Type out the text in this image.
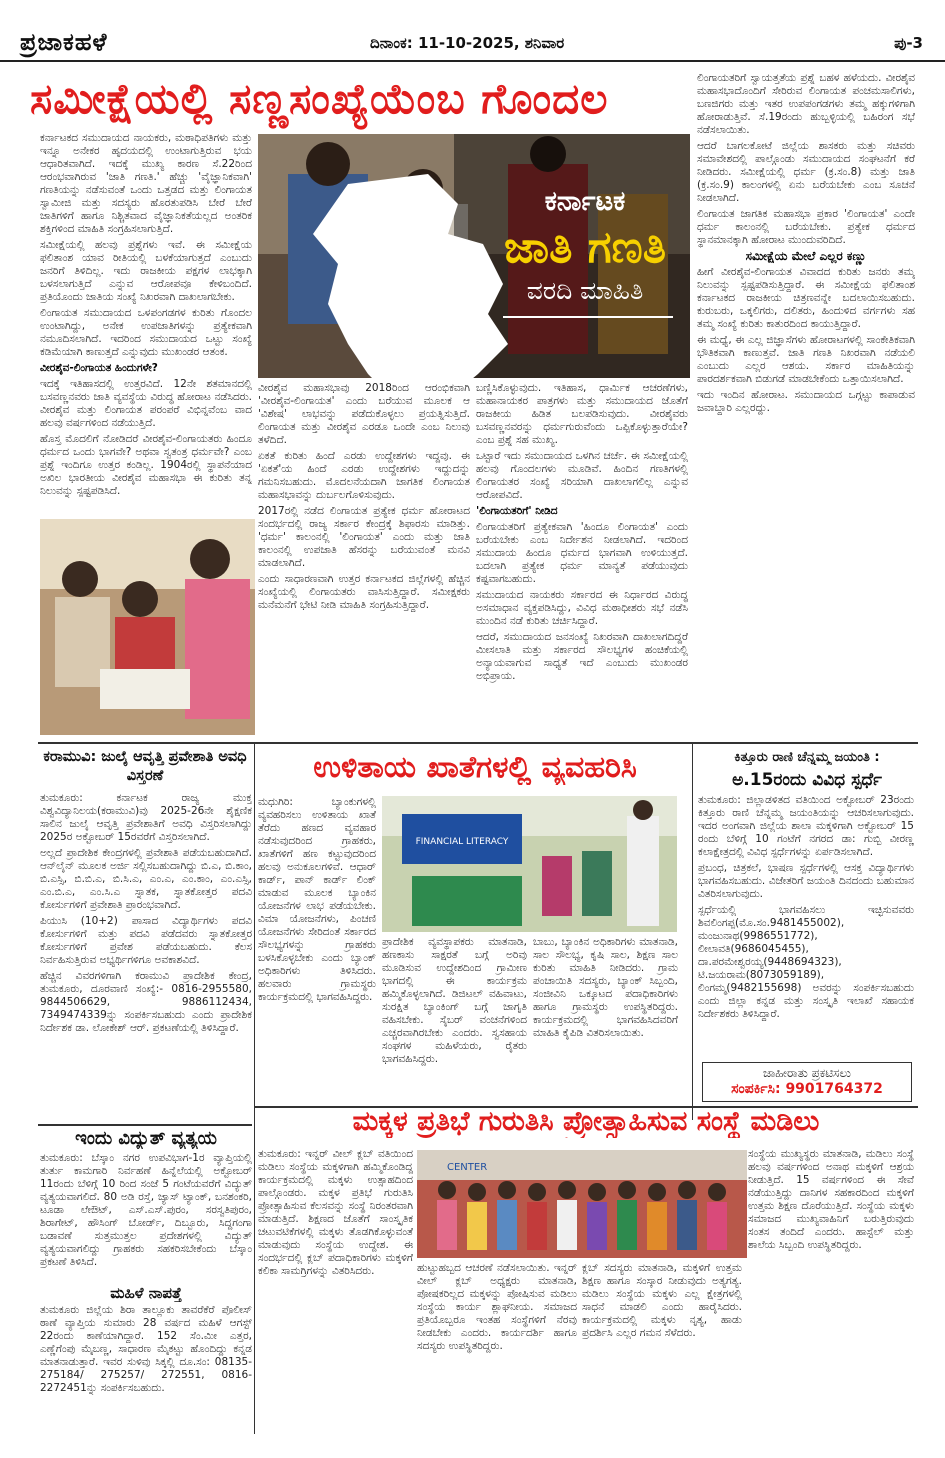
ಪ್ರಜಾಕಹಳೆ	ದಿನಾಂಕ: 11-10-2025, ಶನಿವಾರ	ಪು-3
ಸಮೀಕ್ಷೆಯಲ್ಲಿ ಸಣ್ಣಸಂಖ್ಯೆಯೆಂಬ ಗೊಂದಲ

ಕರ್ನಾಟಕದ ಸಮುದಾಯದ ನಾಯಕರು, ಮಠಾಧಿಪತಿಗಳು ಮತ್ತು ಇನ್ನೂ ಅನೇಕರ ಹೃದಯದಲ್ಲಿ ಉಂಟಾಗುತ್ತಿರುವ ಭಯ ಆಧಾರಿತವಾಗಿದೆ. ಇದಕ್ಕೆ ಮುಖ್ಯ ಕಾರಣ ಸೆ.22ರಿಂದ ಆರಂಭವಾಗಿರುವ 'ಜಾತಿ ಗಣತಿ.' ಹೆಚ್ಚು 'ವೈಜ್ಞಾನಿಕವಾಗಿ' ಗಣತಿಯನ್ನು ನಡೆಸುವಂತೆ ಒಂದು ಒತ್ತಡದ ಮತ್ತು ಲಿಂಗಾಯತ ಸ್ವಾಮೀಜಿ ಮತ್ತು ಸದಸ್ಯರು ಹೊರತುಪಡಿಸಿ ಬೇರೆ ಬೇರೆ ಜಾತಿಗಳಿಗೆ ಹಾಗೂ ನಿಶ್ಚಿತವಾದ ವೈಜ್ಞಾನಿಕತೆಯಲ್ಲದ ಅಂತರಿಕ ಶಕ್ತಿಗಳಿಂದ ಮಾಹಿತಿ ಸಂಗ್ರಹಿಸಲಾಗುತ್ತಿದೆ.

ಸಮೀಕ್ಷೆಯಲ್ಲಿ ಹಲವು ಪ್ರಶ್ನೆಗಳು ಇವೆ. ಈ ಸಮೀಕ್ಷೆಯ ಫಲಿತಾಂಶ ಯಾವ ರೀತಿಯಲ್ಲಿ ಬಳಕೆಯಾಗುತ್ತದೆ ಎಂಬುದು ಜನರಿಗೆ ತಿಳಿದಿಲ್ಲ. ಇದು ರಾಜಕೀಯ ಪಕ್ಷಗಳ ಲಾಭಕ್ಕಾಗಿ ಬಳಸಲಾಗುತ್ತಿದೆ ಎನ್ನುವ ಆರೋಪವೂ ಕೇಳಿಬಂದಿದೆ. ಪ್ರತಿಯೊಂದು ಜಾತಿಯ ಸಂಖ್ಯೆ ನಿಖರವಾಗಿ ದಾಖಲಾಗಬೇಕು.

ಲಿಂಗಾಯತ ಸಮುದಾಯದ ಒಳಪಂಗಡಗಳ ಕುರಿತು ಗೊಂದಲ ಉಂಟಾಗಿದ್ದು, ಅನೇಕ ಉಪಜಾತಿಗಳನ್ನು ಪ್ರತ್ಯೇಕವಾಗಿ ನಮೂದಿಸಲಾಗಿದೆ. ಇದರಿಂದ ಸಮುದಾಯದ ಒಟ್ಟು ಸಂಖ್ಯೆ ಕಡಿಮೆಯಾಗಿ ಕಾಣುತ್ತದೆ ಎನ್ನುವುದು ಮುಖಂಡರ ಆತಂಕ.

ವೀರಶೈವ-ಲಿಂಗಾಯತ ಹಿಂದುಗಳೇ?

ಇದಕ್ಕೆ ಇತಿಹಾಸದಲ್ಲಿ ಉತ್ತರವಿದೆ. 12ನೇ ಶತಮಾನದಲ್ಲಿ ಬಸವಣ್ಣನವರು ಜಾತಿ ವ್ಯವಸ್ಥೆಯ ವಿರುದ್ಧ ಹೋರಾಟ ನಡೆಸಿದರು. ವೀರಶೈವ ಮತ್ತು ಲಿಂಗಾಯತ ಪರಂಪರೆ ವಿಭಿನ್ನವೆಂಬ ವಾದ ಹಲವು ವರ್ಷಗಳಿಂದ ನಡೆಯುತ್ತಿದೆ.

ಹೊಸ್ತ ಮೊದಲಿಗೆ ನೋಡಿದರೆ ವೀರಶೈವ-ಲಿಂಗಾಯತರು ಹಿಂದೂ ಧರ್ಮದ ಒಂದು ಭಾಗವೇ? ಅಥವಾ ಸ್ವತಂತ್ರ ಧರ್ಮವೇ? ಎಂಬ ಪ್ರಶ್ನೆ ಇಂದಿಗೂ ಉತ್ತರ ಕಂಡಿಲ್ಲ. 1904ರಲ್ಲಿ ಸ್ಥಾಪನೆಯಾದ ಅಖಿಲ ಭಾರತೀಯ ವೀರಶೈವ ಮಹಾಸಭಾ ಈ ಕುರಿತು ತನ್ನ ನಿಲುವನ್ನು ಸ್ಪಷ್ಟಪಡಿಸಿದೆ.

ಕರ್ನಾಟಕ
ಜಾತಿ ಗಣತಿ
ವರದಿ ಮಾಹಿತಿ

ವೀರಶೈವ ಮಹಾಸಭಾವು 2018ರಿಂದ ಆರಂಭಿಕವಾಗಿ 'ವೀರಶೈವ-ಲಿಂಗಾಯತ' ಎಂದು ಬರೆಯುವ ಮೂಲಕ ಆ 'ವಿಶೇಷ' ಲಾಭವನ್ನು ಪಡೆದುಕೊಳ್ಳಲು ಪ್ರಯತ್ನಿಸುತ್ತಿದೆ. ಲಿಂಗಾಯತ ಮತ್ತು ವೀರಶೈವ ಎರಡೂ ಒಂದೇ ಎಂಬ ನಿಲುವು ತಳೆದಿದೆ.

ಏಕತೆ ಕುರಿತು ಹಿಂದೆ ಎರಡು ಉದ್ದೇಶಗಳು ಇದ್ದವು. ಈ 'ಏಕತೆ'ಯ ಹಿಂದೆ ಎರಡು ಉದ್ದೇಶಗಳು ಇದ್ದುದನ್ನು ಗಮನಿಸಬಹುದು. ಮೊದಲನೆಯದಾಗಿ ಜಾಗತಿಕ ಲಿಂಗಾಯತ ಮಹಾಸಭಾವನ್ನು ದುರ್ಬಲಗೊಳಿಸುವುದು.

2017ರಲ್ಲಿ ನಡೆದ ಲಿಂಗಾಯತ ಪ್ರತ್ಯೇಕ ಧರ್ಮ ಹೋರಾಟದ ಸಂದರ್ಭದಲ್ಲಿ ರಾಜ್ಯ ಸರ್ಕಾರ ಕೇಂದ್ರಕ್ಕೆ ಶಿಫಾರಸು ಮಾಡಿತ್ತು. 'ಧರ್ಮ' ಕಾಲಂನಲ್ಲಿ 'ಲಿಂಗಾಯತ' ಎಂದು ಮತ್ತು ಜಾತಿ ಕಾಲಂನಲ್ಲಿ ಉಪಜಾತಿ ಹೆಸರನ್ನು ಬರೆಯುವಂತೆ ಮನವಿ ಮಾಡಲಾಗಿದೆ.

ಎಂದು ಸಾಧಾರಣವಾಗಿ ಉತ್ತರ ಕರ್ನಾಟಕದ ಜಿಲ್ಲೆಗಳಲ್ಲಿ ಹೆಚ್ಚಿನ ಸಂಖ್ಯೆಯಲ್ಲಿ ಲಿಂಗಾಯತರು ವಾಸಿಸುತ್ತಿದ್ದಾರೆ. ಸಮೀಕ್ಷಕರು ಮನೆಮನೆಗೆ ಭೇಟಿ ನೀಡಿ ಮಾಹಿತಿ ಸಂಗ್ರಹಿಸುತ್ತಿದ್ದಾರೆ.

ಬಣ್ಣಿಸಿಕೊಳ್ಳುವುದು. ಇತಿಹಾಸ, ಧಾರ್ಮಿಕ ಆಚರಣೆಗಳು, ಮಹಾನಾಯಕರ ಪಾತ್ರಗಳು ಮತ್ತು ಸಮುದಾಯದ ಜೊತೆಗೆ ರಾಜಕೀಯ ಹಿಡಿತ ಬಲಪಡಿಸುವುದು. ವೀರಶೈವರು ಬಸವಣ್ಣನವರನ್ನು ಧರ್ಮಗುರುವೆಂದು ಒಪ್ಪಿಕೊಳ್ಳುತ್ತಾರೆಯೇ? ಎಂಬ ಪ್ರಶ್ನೆ ಸಹ ಮುಖ್ಯ.

ಒಟ್ಟಾರೆ ಇದು ಸಮುದಾಯದ ಒಳಗಿನ ಚರ್ಚೆ. ಈ ಸಮೀಕ್ಷೆಯಲ್ಲಿ ಹಲವು ಗೊಂದಲಗಳು ಮೂಡಿವೆ. ಹಿಂದಿನ ಗಣತಿಗಳಲ್ಲಿ ಲಿಂಗಾಯತರ ಸಂಖ್ಯೆ ಸರಿಯಾಗಿ ದಾಖಲಾಗಲಿಲ್ಲ ಎನ್ನುವ ಆರೋಪವಿದೆ.

'ಲಿಂಗಾಯತರಿಗೆ' ನೀಡಿದ

ಲಿಂಗಾಯತರಿಗೆ ಪ್ರತ್ಯೇಕವಾಗಿ 'ಹಿಂದೂ ಲಿಂಗಾಯತ' ಎಂದು ಬರೆಯಬೇಕು ಎಂಬ ನಿರ್ದೇಶನ ನೀಡಲಾಗಿದೆ. ಇದರಿಂದ ಸಮುದಾಯ ಹಿಂದೂ ಧರ್ಮದ ಭಾಗವಾಗಿ ಉಳಿಯುತ್ತದೆ. ಬದಲಾಗಿ ಪ್ರತ್ಯೇಕ ಧರ್ಮ ಮಾನ್ಯತೆ ಪಡೆಯುವುದು ಕಷ್ಟವಾಗಬಹುದು.

ಸಮುದಾಯದ ನಾಯಕರು ಸರ್ಕಾರದ ಈ ನಿರ್ಧಾರದ ವಿರುದ್ಧ ಅಸಮಾಧಾನ ವ್ಯಕ್ತಪಡಿಸಿದ್ದು, ವಿವಿಧ ಮಠಾಧೀಶರು ಸಭೆ ನಡೆಸಿ ಮುಂದಿನ ನಡೆ ಕುರಿತು ಚರ್ಚಿಸಿದ್ದಾರೆ.

ಆದರೆ, ಸಮುದಾಯದ ಜನಸಂಖ್ಯೆ ನಿಖರವಾಗಿ ದಾಖಲಾಗದಿದ್ದರೆ ಮೀಸಲಾತಿ ಮತ್ತು ಸರ್ಕಾರದ ಸೌಲಭ್ಯಗಳ ಹಂಚಿಕೆಯಲ್ಲಿ ಅನ್ಯಾಯವಾಗುವ ಸಾಧ್ಯತೆ ಇದೆ ಎಂಬುದು ಮುಖಂಡರ ಅಭಿಪ್ರಾಯ.

ಲಿಂಗಾಯತರಿಗೆ ಸ್ವಾಯತ್ತತೆಯ ಪ್ರಶ್ನೆ ಬಹಳ ಹಳೆಯದು. ವೀರಶೈವ ಮಹಾಸಭಾದೊಂದಿಗೆ ಸೇರಿರುವ ಲಿಂಗಾಯತ ಪಂಚಮಸಾಲಿಗಳು, ಬಣಜಿಗರು ಮತ್ತು ಇತರ ಉಪಪಂಗಡಗಳು ತಮ್ಮ ಹಕ್ಕುಗಳಿಗಾಗಿ ಹೋರಾಡುತ್ತಿವೆ. ಸೆ.19ರಂದು ಹುಬ್ಬಳ್ಳಿಯಲ್ಲಿ ಬಹಿರಂಗ ಸಭೆ ನಡೆಸಲಾಯಿತು.

ಆದರೆ ಬಾಗಲಕೋಟೆ ಜಿಲ್ಲೆಯ ಶಾಸಕರು ಮತ್ತು ಸಚಿವರು ಸಮಾವೇಶದಲ್ಲಿ ಪಾಲ್ಗೊಂಡು ಸಮುದಾಯದ ಸಂಘಟನೆಗೆ ಕರೆ ನೀಡಿದರು. ಸಮೀಕ್ಷೆಯಲ್ಲಿ ಧರ್ಮ (ಕ್ರ.ಸಂ.8) ಮತ್ತು ಜಾತಿ (ಕ್ರ.ಸಂ.9) ಕಾಲಂಗಳಲ್ಲಿ ಏನು ಬರೆಯಬೇಕು ಎಂಬ ಸೂಚನೆ ನೀಡಲಾಗಿದೆ.

ಲಿಂಗಾಯತ ಜಾಗತಿಕ ಮಹಾಸಭಾ ಪ್ರಕಾರ 'ಲಿಂಗಾಯತ' ಎಂದೇ ಧರ್ಮ ಕಾಲಂನಲ್ಲಿ ಬರೆಯಬೇಕು. ಪ್ರತ್ಯೇಕ ಧರ್ಮದ ಸ್ಥಾನಮಾನಕ್ಕಾಗಿ ಹೋರಾಟ ಮುಂದುವರಿದಿದೆ.

ಸಮೀಕ್ಷೆಯ ಮೇಲೆ ಎಲ್ಲರ ಕಣ್ಣು

ಹೀಗೆ ವೀರಶೈವ-ಲಿಂಗಾಯತ ವಿವಾದದ ಕುರಿತು ಜನರು ತಮ್ಮ ನಿಲುವನ್ನು ಸ್ಪಷ್ಟಪಡಿಸುತ್ತಿದ್ದಾರೆ. ಈ ಸಮೀಕ್ಷೆಯ ಫಲಿತಾಂಶ ಕರ್ನಾಟಕದ ರಾಜಕೀಯ ಚಿತ್ರಣವನ್ನೇ ಬದಲಾಯಿಸಬಹುದು. ಕುರುಬರು, ಒಕ್ಕಲಿಗರು, ದಲಿತರು, ಹಿಂದುಳಿದ ವರ್ಗಗಳು ಸಹ ತಮ್ಮ ಸಂಖ್ಯೆ ಕುರಿತು ಕಾತುರದಿಂದ ಕಾಯುತ್ತಿದ್ದಾರೆ.

ಈ ಮಧ್ಯೆ, ಈ ಎಲ್ಲ ಜಿಜ್ಞಾಸೆಗಳು ಹೋರಾಟಗಳಲ್ಲಿ ಸಾಂಕೇತಿಕವಾಗಿ ಭೌತಿಕವಾಗಿ ಕಾಣುತ್ತವೆ. ಜಾತಿ ಗಣತಿ ನಿಖರವಾಗಿ ನಡೆಯಲಿ ಎಂಬುದು ಎಲ್ಲರ ಆಶಯ. ಸರ್ಕಾರ ಮಾಹಿತಿಯನ್ನು ಪಾರದರ್ಶಕವಾಗಿ ಬಿಡುಗಡೆ ಮಾಡಬೇಕೆಂದು ಒತ್ತಾಯಿಸಲಾಗಿದೆ.

ಇದು ಇಂದಿನ ಹೋರಾಟ. ಸಮುದಾಯದ ಒಗ್ಗಟ್ಟು ಕಾಪಾಡುವ ಜವಾಬ್ದಾರಿ ಎಲ್ಲರದ್ದು.

ಕರಾಮುವಿ: ಜುಲೈ ಆವೃತ್ತಿ ಪ್ರವೇಶಾತಿ ಅವಧಿ ವಿಸ್ತರಣೆ

ತುಮಕೂರು: ಕರ್ನಾಟಕ ರಾಜ್ಯ ಮುಕ್ತ ವಿಶ್ವವಿದ್ಯಾನಿಲಯ(ಕರಾಮುವಿ)ವು 2025-26ನೇ ಶೈಕ್ಷಣಿಕ ಸಾಲಿನ ಜುಲೈ ಆವೃತ್ತಿ ಪ್ರವೇಶಾತಿಗೆ ಅವಧಿ ವಿಸ್ತರಿಸಲಾಗಿದ್ದು 2025ರ ಅಕ್ಟೋಬರ್ 15ರವರೆಗೆ ವಿಸ್ತರಿಸಲಾಗಿದೆ.

ಅಲ್ಲದೆ ಪ್ರಾದೇಶಿಕ ಕೇಂದ್ರಗಳಲ್ಲಿ ಪ್ರವೇಶಾತಿ ಪಡೆಯಬಹುದಾಗಿದೆ. ಆನ್‌ಲೈನ್ ಮೂಲಕ ಅರ್ಜಿ ಸಲ್ಲಿಸಬಹುದಾಗಿದ್ದು ಬಿ.ಎ, ಬಿ.ಕಾಂ, ಬಿ.ಎಸ್ಸಿ, ಬಿ.ಬಿ.ಎ, ಬಿ.ಸಿ.ಎ, ಎಂ.ಎ, ಎಂ.ಕಾಂ, ಎಂ.ಎಸ್ಸಿ, ಎಂ.ಬಿ.ಎ, ಎಂ.ಸಿ.ಎ ಸ್ನಾತಕ, ಸ್ನಾತಕೋತ್ತರ ಪದವಿ ಕೋರ್ಸುಗಳಿಗೆ ಪ್ರವೇಶಾತಿ ಪ್ರಾರಂಭವಾಗಿದೆ.

ಪಿಯುಸಿ (10+2) ಪಾಸಾದ ವಿದ್ಯಾರ್ಥಿಗಳು ಪದವಿ ಕೋರ್ಸುಗಳಿಗೆ ಮತ್ತು ಪದವಿ ಪಡೆದವರು ಸ್ನಾತಕೋತ್ತರ ಕೋರ್ಸುಗಳಿಗೆ ಪ್ರವೇಶ ಪಡೆಯಬಹುದು. ಕೆಲಸ ನಿರ್ವಹಿಸುತ್ತಿರುವ ಅಭ್ಯರ್ಥಿಗಳಿಗೂ ಅವಕಾಶವಿದೆ.

ಹೆಚ್ಚಿನ ವಿವರಗಳಿಗಾಗಿ ಕರಾಮುವಿ ಪ್ರಾದೇಶಿಕ ಕೇಂದ್ರ, ತುಮಕೂರು, ದೂರವಾಣಿ ಸಂಖ್ಯೆ:- 0816-2955580, 9844506629, 9886112434, 7349474339ನ್ನು ಸಂಪರ್ಕಿಸಬಹುದು ಎಂದು ಪ್ರಾದೇಶಿಕ ನಿರ್ದೇಶಕ ಡಾ. ಲೋಕೇಶ್ ಆರ್. ಪ್ರಕಟಣೆಯಲ್ಲಿ ತಿಳಿಸಿದ್ದಾರೆ.

ಇಂದು ವಿದ್ಯುತ್ ವ್ಯತ್ಯಯ

ತುಮಕೂರು: ಬೆಸ್ಕಾಂ ನಗರ ಉಪವಿಭಾಗ-1ರ ವ್ಯಾಪ್ತಿಯಲ್ಲಿ ತುರ್ತು ಕಾಮಗಾರಿ ನಿರ್ವಹಣೆ ಹಿನ್ನೆಲೆಯಲ್ಲಿ ಅಕ್ಟೋಬರ್ 11ರಂದು ಬೆಳಿಗ್ಗೆ 10 ರಿಂದ ಸಂಜೆ 5 ಗಂಟೆಯವರೆಗೆ ವಿದ್ಯುತ್ ವ್ಯತ್ಯಯವಾಗಲಿದೆ. 80 ಅಡಿ ರಸ್ತೆ, ಜ್ಯಾಸ್ ಟ್ಯಾಂಕ್, ಬನಶಂಕರಿ, ಟೂಡಾ ಲೇಔಟ್, ಎಸ್.ಎಸ್.ಪುರಂ, ಸರಸ್ವತಿಪುರಂ, ಶಿರಾಗೇಟ್, ಹೌಸಿಂಗ್ ಬೋರ್ಡ್, ದಿಬ್ಬೂರು, ಸಿದ್ದಗಂಗಾ ಬಡಾವಣೆ ಸುತ್ತಮುತ್ತಲ ಪ್ರದೇಶಗಳಲ್ಲಿ ವಿದ್ಯುತ್ ವ್ಯತ್ಯಯವಾಗಲಿದ್ದು ಗ್ರಾಹಕರು ಸಹಕರಿಸಬೇಕೆಂದು ಬೆಸ್ಕಾಂ ಪ್ರಕಟಣೆ ತಿಳಿಸಿದೆ.

ಮಹಿಳೆ ನಾಪತ್ತೆ

ತುಮಕೂರು ಜಿಲ್ಲೆಯ ಶಿರಾ ತಾಲ್ಲೂಕು ತಾವರೆಕೆರೆ ಪೊಲೀಸ್ ಠಾಣೆ ವ್ಯಾಪ್ತಿಯ ಸುಮಾರು 28 ವರ್ಷದ ಮಹಿಳೆ ಆಗಸ್ಟ್ 22ರಂದು ಕಾಣೆಯಾಗಿದ್ದಾರೆ. 152 ಸೆಂ.ಮೀ ಎತ್ತರ, ಎಣ್ಣೆಗೆಂಪು ಮೈಬಣ್ಣ, ಸಾಧಾರಣ ಮೈಕಟ್ಟು ಹೊಂದಿದ್ದು ಕನ್ನಡ ಮಾತನಾಡುತ್ತಾರೆ. ಇವರ ಸುಳಿವು ಸಿಕ್ಕಲ್ಲಿ ದೂ.ಸಂ: 08135-275184/ 275257/ 272551, 0816-2272451ನ್ನು ಸಂಪರ್ಕಿಸಬಹುದು.

ಉಳಿತಾಯ ಖಾತೆಗಳಲ್ಲಿ ವ್ಯವಹರಿಸಿ

ಮಧುಗಿರಿ: ಬ್ಯಾಂಕುಗಳಲ್ಲಿ ವ್ಯವಹರಿಸಲು ಉಳಿತಾಯ ಖಾತೆ ತೆರೆದು ಹಣದ ವ್ಯವಹಾರ ನಡೆಸುವುದರಿಂದ ಗ್ರಾಹಕರು, ಖಾತೆಗಳಿಗೆ ಹಣ ಕಟ್ಟುವುದರಿಂದ ಹಲವು ಅನುಕೂಲಗಳಿವೆ. ಆಧಾರ್ ಕಾರ್ಡ್, ಪಾನ್ ಕಾರ್ಡ್ ಲಿಂಕ್ ಮಾಡುವ ಮೂಲಕ ಬ್ಯಾಂಕಿನ ಯೋಜನೆಗಳ ಲಾಭ ಪಡೆಯಬೇಕು. ವಿಮಾ ಯೋಜನೆಗಳು, ಪಿಂಚಣಿ ಯೋಜನೆಗಳು ಸೇರಿದಂತೆ ಸರ್ಕಾರದ ಸೌಲಭ್ಯಗಳನ್ನು ಗ್ರಾಹಕರು ಬಳಸಿಕೊಳ್ಳಬೇಕು ಎಂದು ಬ್ಯಾಂಕ್ ಅಧಿಕಾರಿಗಳು ತಿಳಿಸಿದರು. ಹಲವಾರು ಗ್ರಾಮಸ್ಥರು ಕಾರ್ಯಕ್ರಮದಲ್ಲಿ ಭಾಗವಹಿಸಿದ್ದರು.

FINANCIAL LITERACY

ಪ್ರಾದೇಶಿಕ ವ್ಯವಸ್ಥಾಪಕರು ಮಾತನಾಡಿ, ಹಣಕಾಸು ಸಾಕ್ಷರತೆ ಬಗ್ಗೆ ಅರಿವು ಮೂಡಿಸುವ ಉದ್ದೇಶದಿಂದ ಗ್ರಾಮೀಣ ಭಾಗದಲ್ಲಿ ಈ ಕಾರ್ಯಕ್ರಮ ಹಮ್ಮಿಕೊಳ್ಳಲಾಗಿದೆ. ಡಿಜಿಟಲ್ ವಹಿವಾಟು, ಸುರಕ್ಷಿತ ಬ್ಯಾಂಕಿಂಗ್ ಬಗ್ಗೆ ಜಾಗೃತಿ ವಹಿಸಬೇಕು. ಸೈಬರ್ ವಂಚನೆಗಳಿಂದ ಎಚ್ಚರವಾಗಿರಬೇಕು ಎಂದರು. ಸ್ವಸಹಾಯ ಸಂಘಗಳ ಮಹಿಳೆಯರು, ರೈತರು ಭಾಗವಹಿಸಿದ್ದರು.

ಬಾಬು, ಬ್ಯಾಂಕಿನ ಅಧಿಕಾರಿಗಳು ಮಾತನಾಡಿ, ಸಾಲ ಸೌಲಭ್ಯ, ಕೃಷಿ ಸಾಲ, ಶಿಕ್ಷಣ ಸಾಲ ಕುರಿತು ಮಾಹಿತಿ ನೀಡಿದರು. ಗ್ರಾಮ ಪಂಚಾಯಿತಿ ಸದಸ್ಯರು, ಬ್ಯಾಂಕ್ ಸಿಬ್ಬಂದಿ, ಸಂಜೀವಿನಿ ಒಕ್ಕೂಟದ ಪದಾಧಿಕಾರಿಗಳು ಹಾಗೂ ಗ್ರಾಮಸ್ಥರು ಉಪಸ್ಥಿತರಿದ್ದರು. ಕಾರ್ಯಕ್ರಮದಲ್ಲಿ ಭಾಗವಹಿಸಿದವರಿಗೆ ಮಾಹಿತಿ ಕೈಪಿಡಿ ವಿತರಿಸಲಾಯಿತು.

ಕಿತ್ತೂರು ರಾಣಿ ಚೆನ್ನಮ್ಮ ಜಯಂತಿ :
ಅ.15ರಂದು ವಿವಿಧ ಸ್ಪರ್ಧೆ

ತುಮಕೂರು: ಜಿಲ್ಲಾಡಳಿತದ ವತಿಯಿಂದ ಅಕ್ಟೋಬರ್ 23ರಂದು ಕಿತ್ತೂರು ರಾಣಿ ಚೆನ್ನಮ್ಮ ಜಯಂತಿಯನ್ನು ಆಚರಿಸಲಾಗುವುದು. ಇದರ ಅಂಗವಾಗಿ ಜಿಲ್ಲೆಯ ಶಾಲಾ ಮಕ್ಕಳಿಗಾಗಿ ಅಕ್ಟೋಬರ್ 15 ರಂದು ಬೆಳಿಗ್ಗೆ 10 ಗಂಟೆಗೆ ನಗರದ ಡಾ: ಗುಬ್ಬಿ ವೀರಣ್ಣ ಕಲಾಕ್ಷೇತ್ರದಲ್ಲಿ ವಿವಿಧ ಸ್ಪರ್ಧೆಗಳನ್ನು ಏರ್ಪಡಿಸಲಾಗಿದೆ.

ಪ್ರಬಂಧ, ಚಿತ್ರಕಲೆ, ಭಾಷಣ ಸ್ಪರ್ಧೆಗಳಲ್ಲಿ ಆಸಕ್ತ ವಿದ್ಯಾರ್ಥಿಗಳು ಭಾಗವಹಿಸಬಹುದು. ವಿಜೇತರಿಗೆ ಜಯಂತಿ ದಿನದಂದು ಬಹುಮಾನ ವಿತರಿಸಲಾಗುವುದು.

ಸ್ಪರ್ಧೆಯಲ್ಲಿ ಭಾಗವಹಿಸಲು ಇಚ್ಛಿಸುವವರು ಶಿವಲಿಂಗಪ್ಪ(ಮೊ.ಸಂ.9481455002), ಮಂಜುನಾಥ(9986551772), ಲೀಲಾವತಿ(9686045455), ದಾ.ಪರಮೇಶ್ವರಯ್ಯ(9448694323), ಟಿ.ಜಯರಾಮ(8073059189), ಲಿಂಗಮ್ಮ(9482155698) ಅವರನ್ನು ಸಂಪರ್ಕಿಸಬಹುದು ಎಂದು ಜಿಲ್ಲಾ ಕನ್ನಡ ಮತ್ತು ಸಂಸ್ಕೃತಿ ಇಲಾಖೆ ಸಹಾಯಕ ನಿರ್ದೇಶಕರು ತಿಳಿಸಿದ್ದಾರೆ.

ಜಾಹೀರಾತು ಪ್ರಕಟಿಸಲು
ಸಂಪರ್ಕಿಸಿ: 9901764372
ಮಕ್ಕಳ ಪ್ರತಿಭೆ ಗುರುತಿಸಿ ಪ್ರೋತ್ಸಾಹಿಸುವ ಸಂಸ್ಥೆ ಮಡಿಲು

ತುಮಕೂರು: ಇನ್ನರ್ ವೀಲ್ ಕ್ಲಬ್ ವತಿಯಿಂದ ಮಡಿಲು ಸಂಸ್ಥೆಯ ಮಕ್ಕಳಿಗಾಗಿ ಹಮ್ಮಿಕೊಂಡಿದ್ದ ಕಾರ್ಯಕ್ರಮದಲ್ಲಿ ಮಕ್ಕಳು ಉತ್ಸಾಹದಿಂದ ಪಾಲ್ಗೊಂಡರು. ಮಕ್ಕಳ ಪ್ರತಿಭೆ ಗುರುತಿಸಿ ಪ್ರೋತ್ಸಾಹಿಸುವ ಕೆಲಸವನ್ನು ಸಂಸ್ಥೆ ನಿರಂತರವಾಗಿ ಮಾಡುತ್ತಿದೆ. ಶಿಕ್ಷಣದ ಜೊತೆಗೆ ಸಾಂಸ್ಕೃತಿಕ ಚಟುವಟಿಕೆಗಳಲ್ಲಿ ಮಕ್ಕಳು ತೊಡಗಿಕೊಳ್ಳುವಂತೆ ಮಾಡುವುದು ಸಂಸ್ಥೆಯ ಉದ್ದೇಶ. ಈ ಸಂದರ್ಭದಲ್ಲಿ ಕ್ಲಬ್ ಪದಾಧಿಕಾರಿಗಳು ಮಕ್ಕಳಿಗೆ ಕಲಿಕಾ ಸಾಮಗ್ರಿಗಳನ್ನು ವಿತರಿಸಿದರು.

CENTER

ಹುಟ್ಟುಹಬ್ಬದ ಆಚರಣೆ ನಡೆಸಲಾಯಿತು. ಇನ್ನರ್ ವೀಲ್ ಕ್ಲಬ್ ಅಧ್ಯಕ್ಷರು ಮಾತನಾಡಿ, ಪೋಷಕರಿಲ್ಲದ ಮಕ್ಕಳನ್ನು ಪೋಷಿಸುವ ಮಡಿಲು ಸಂಸ್ಥೆಯ ಕಾರ್ಯ ಶ್ಲಾಘನೀಯ. ಸಮಾಜದ ಪ್ರತಿಯೊಬ್ಬರೂ ಇಂತಹ ಸಂಸ್ಥೆಗಳಿಗೆ ನೆರವು ನೀಡಬೇಕು ಎಂದರು. ಕಾರ್ಯದರ್ಶಿ ಹಾಗೂ ಸದಸ್ಯರು ಉಪಸ್ಥಿತರಿದ್ದರು.

ಕ್ಲಬ್ ಸದಸ್ಯರು ಮಾತನಾಡಿ, ಮಕ್ಕಳಿಗೆ ಉತ್ತಮ ಶಿಕ್ಷಣ ಹಾಗೂ ಸಂಸ್ಕಾರ ನೀಡುವುದು ಅತ್ಯಗತ್ಯ. ಮಡಿಲು ಸಂಸ್ಥೆಯ ಮಕ್ಕಳು ಎಲ್ಲ ಕ್ಷೇತ್ರಗಳಲ್ಲಿ ಸಾಧನೆ ಮಾಡಲಿ ಎಂದು ಹಾರೈಸಿದರು. ಕಾರ್ಯಕ್ರಮದಲ್ಲಿ ಮಕ್ಕಳು ನೃತ್ಯ, ಹಾಡು ಪ್ರದರ್ಶಿಸಿ ಎಲ್ಲರ ಗಮನ ಸೆಳೆದರು.

ಸಂಸ್ಥೆಯ ಮುಖ್ಯಸ್ಥರು ಮಾತನಾಡಿ, ಮಡಿಲು ಸಂಸ್ಥೆ ಹಲವು ವರ್ಷಗಳಿಂದ ಅನಾಥ ಮಕ್ಕಳಿಗೆ ಆಶ್ರಯ ನೀಡುತ್ತಿದೆ. 15 ವರ್ಷಗಳಿಂದ ಈ ಸೇವೆ ನಡೆಯುತ್ತಿದ್ದು ದಾನಿಗಳ ಸಹಕಾರದಿಂದ ಮಕ್ಕಳಿಗೆ ಉತ್ತಮ ಶಿಕ್ಷಣ ದೊರೆಯುತ್ತಿದೆ. ಸಂಸ್ಥೆಯ ಮಕ್ಕಳು ಸಮಾಜದ ಮುಖ್ಯವಾಹಿನಿಗೆ ಬರುತ್ತಿರುವುದು ಸಂತಸ ತಂದಿದೆ ಎಂದರು. ಹಾಸ್ಟೆಲ್ ಮತ್ತು ಶಾಲೆಯ ಸಿಬ್ಬಂದಿ ಉಪಸ್ಥಿತರಿದ್ದರು.
